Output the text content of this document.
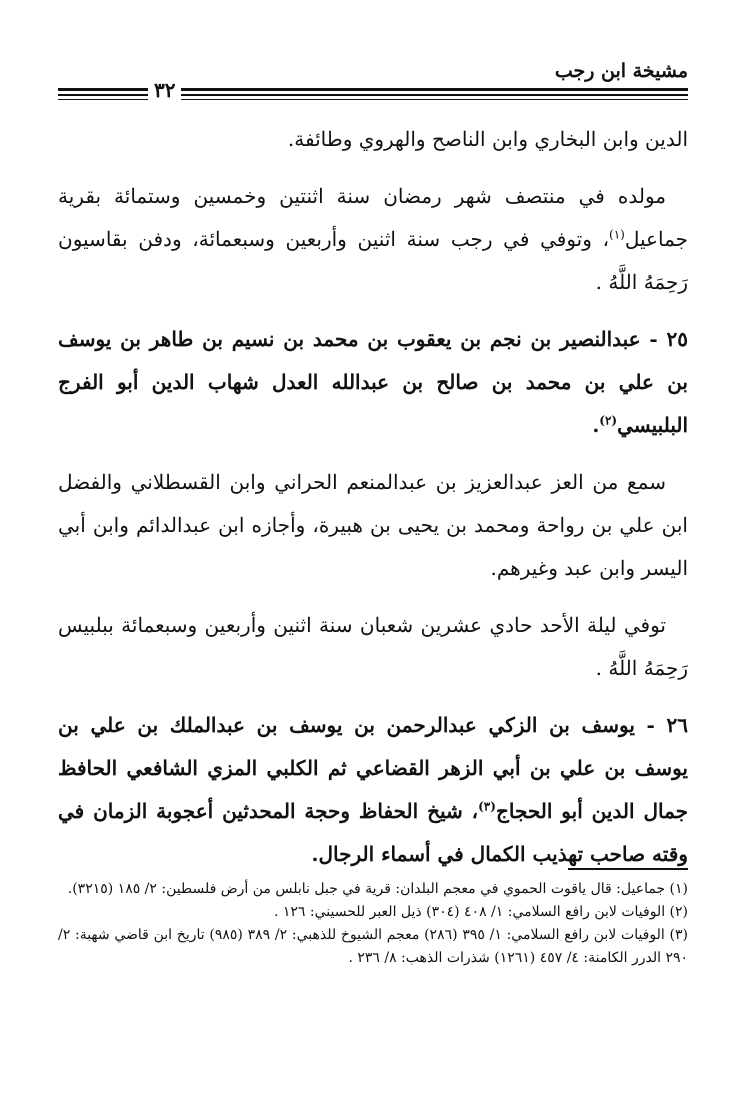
مشيخة ابن رجب
٣٢

الدين وابن البخاري وابن الناصح والهروي وطائفة.

مولده في منتصف شهر رمضان سنة اثنتين وخمسين وستمائة بقرية جماعيل$^{(١)}$، وتوفي في رجب سنة اثنين وأربعين وسبعمائة، ودفن بقاسيون رَحِمَهُ اللَّهُ .

٢٥ - عبدالنصير بن نجم بن يعقوب بن محمد بن نسيم بن طاهر بن يوسف بن علي بن محمد بن صالح بن عبدالله العدل شهاب الدين أبو الفرج البلبيسي$^{(٢)}$.

سمع من العز عبدالعزيز بن عبدالمنعم الحراني وابن القسطلاني والفضل ابن علي بن رواحة ومحمد بن يحيى بن هبيرة، وأجازه ابن عبدالدائم وابن أبي اليسر وابن عبد وغيرهم.

توفي ليلة الأحد حادي عشرين شعبان سنة اثنين وأربعين وسبعمائة ببلبيس رَحِمَهُ اللَّهُ .

٢٦ - يوسف بن الزكي عبدالرحمن بن يوسف بن عبدالملك بن علي بن يوسف بن علي بن أبي الزهر القضاعي ثم الكلبي المزي الشافعي الحافظ جمال الدين أبو الحجاج$^{(٣)}$، شيخ الحفاظ وحجة المحدثين أعجوبة الزمان في وقته صاحب تهذيب الكمال في أسماء الرجال.

(١) جماعيل: قال ياقوت الحموي في معجم البلدان: قرية في جبل نابلس من أرض فلسطين: ٢/ ١٨٥ (٣٢١٥).

(٢) الوفيات لابن رافع السلامي: ١/ ٤٠٨ (٣٠٤) ذيل العبر للحسيني: ١٢٦ .

(٣) الوفيات لابن رافع السلامي: ١/ ٣٩٥ (٢٨٦) معجم الشيوخ للذهبي: ٢/ ٣٨٩ (٩٨٥) تاريخ ابن قاضي شهبة: ٢/ ٢٩٠ الدرر الكامنة: ٤/ ٤٥٧ (١٢٦١) شذرات الذهب: ٨/ ٢٣٦ .
